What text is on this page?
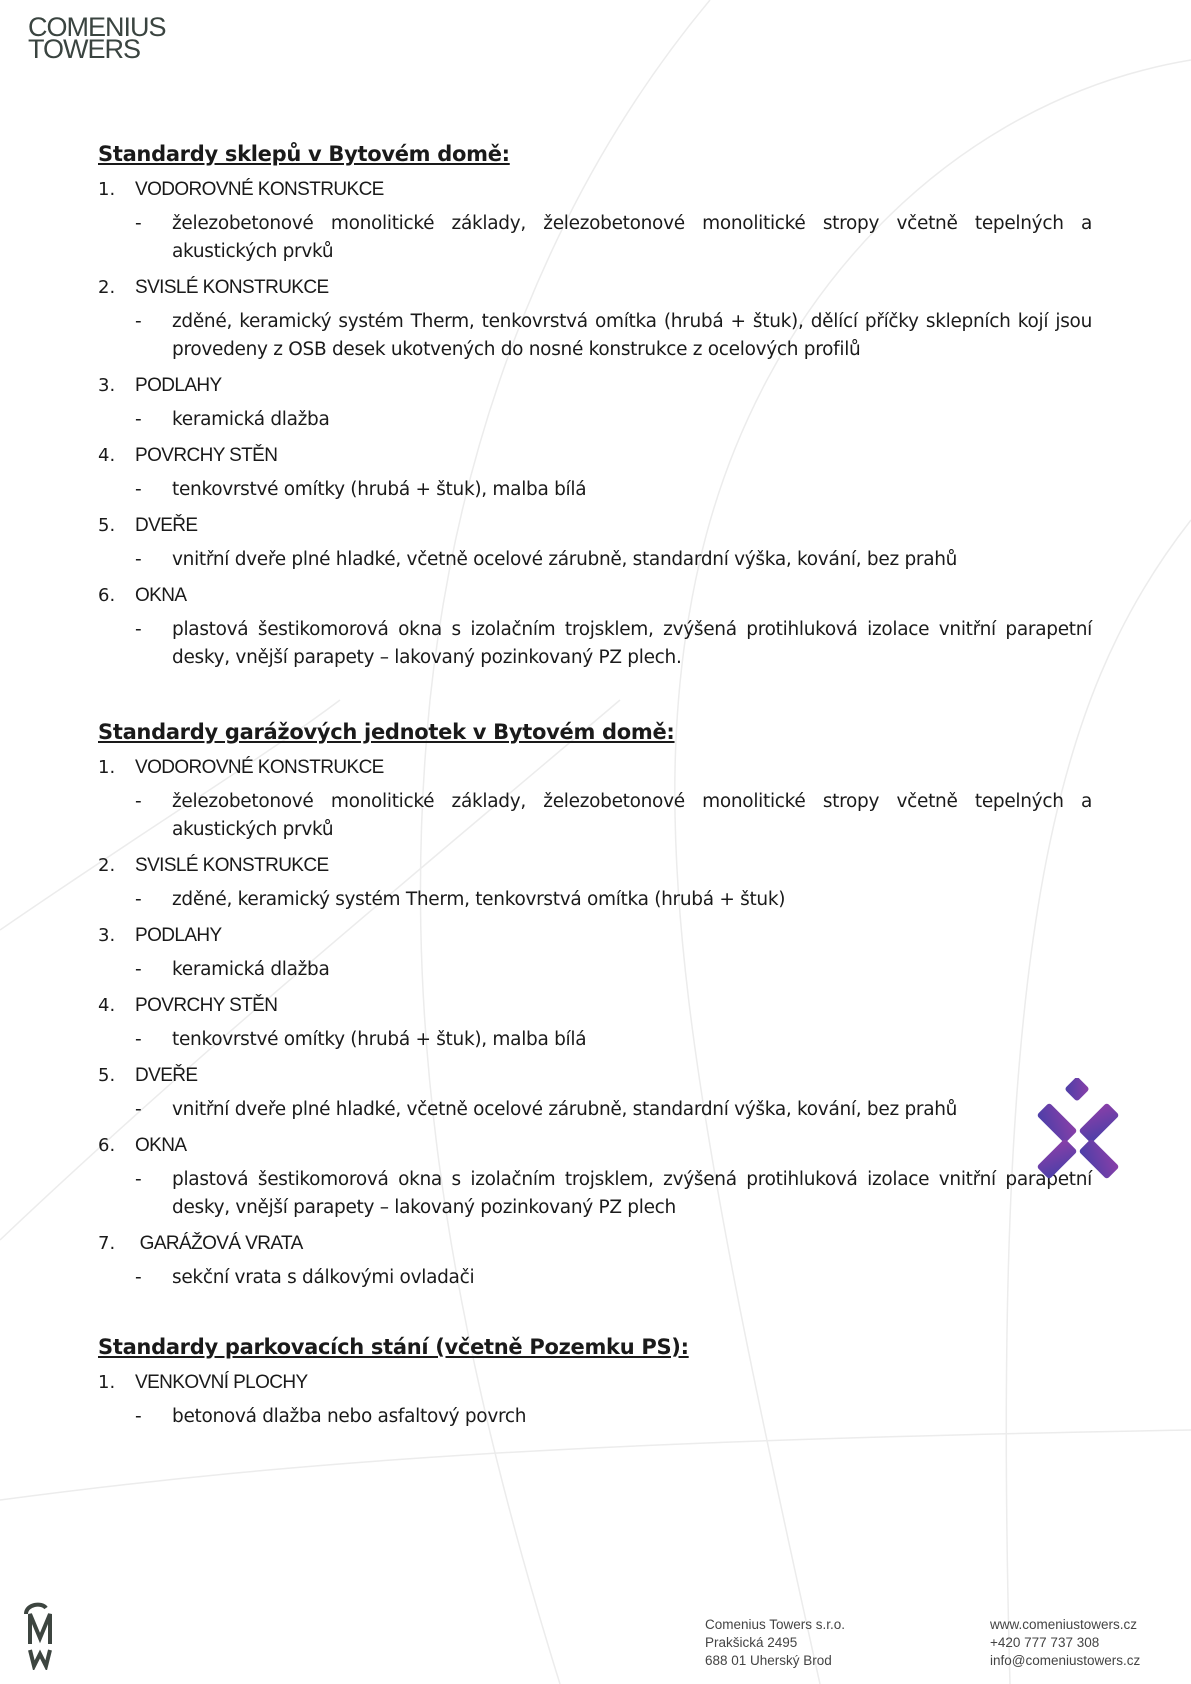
COMENIUS
TOWERS
Standardy sklepů v Bytovém domě:
1.	VODOROVNÉ KONSTRUKCE
-	železobetonové monolitické základy, železobetonové monolitické stropy včetně tepelných a akustických prvků
2.	SVISLÉ KONSTRUKCE
-	zděné, keramický systém Therm, tenkovrstvá omítka (hrubá + štuk), dělící příčky sklepních kojí jsou provedeny z OSB desek ukotvených do nosné konstrukce z ocelových profilů
3.	PODLAHY
-	keramická dlažba
4.	POVRCHY STĚN
-	tenkovrstvé omítky (hrubá + štuk), malba bílá
5.	DVEŘE
-	vnitřní dveře plné hladké, včetně ocelové zárubně, standardní výška, kování, bez prahů
6.	OKNA
-	plastová šestikomorová okna s izolačním trojsklem, zvýšená protihluková izolace vnitřní parapetní desky, vnější parapety – lakovaný pozinkovaný PZ plech.
Standardy garážových jednotek v Bytovém domě:
1.	VODOROVNÉ KONSTRUKCE
-	železobetonové monolitické základy, železobetonové monolitické stropy včetně tepelných a akustických prvků
2.	SVISLÉ KONSTRUKCE
-	zděné, keramický systém Therm, tenkovrstvá omítka (hrubá + štuk)
3.	PODLAHY
-	keramická dlažba
4.	POVRCHY STĚN
-	tenkovrstvé omítky (hrubá + štuk), malba bílá
5.	DVEŘE
-	vnitřní dveře plné hladké, včetně ocelové zárubně, standardní výška, kování, bez prahů
6.	OKNA
-	plastová šestikomorová okna s izolačním trojsklem, zvýšená protihluková izolace vnitřní parapetní desky, vnější parapety – lakovaný pozinkovaný PZ plech
7.	GARÁŽOVÁ VRATA
-	sekční vrata s dálkovými ovladači
Standardy parkovacích stání (včetně Pozemku PS):
1.	VENKOVNÍ PLOCHY
-	betonová dlažba nebo asfaltový povrch
Comenius Towers s.r.o.
Prakšická 2495
688 01 Uherský Brod
www.comeniustowers.cz
+420 777 737 308
info@comeniustowers.cz
